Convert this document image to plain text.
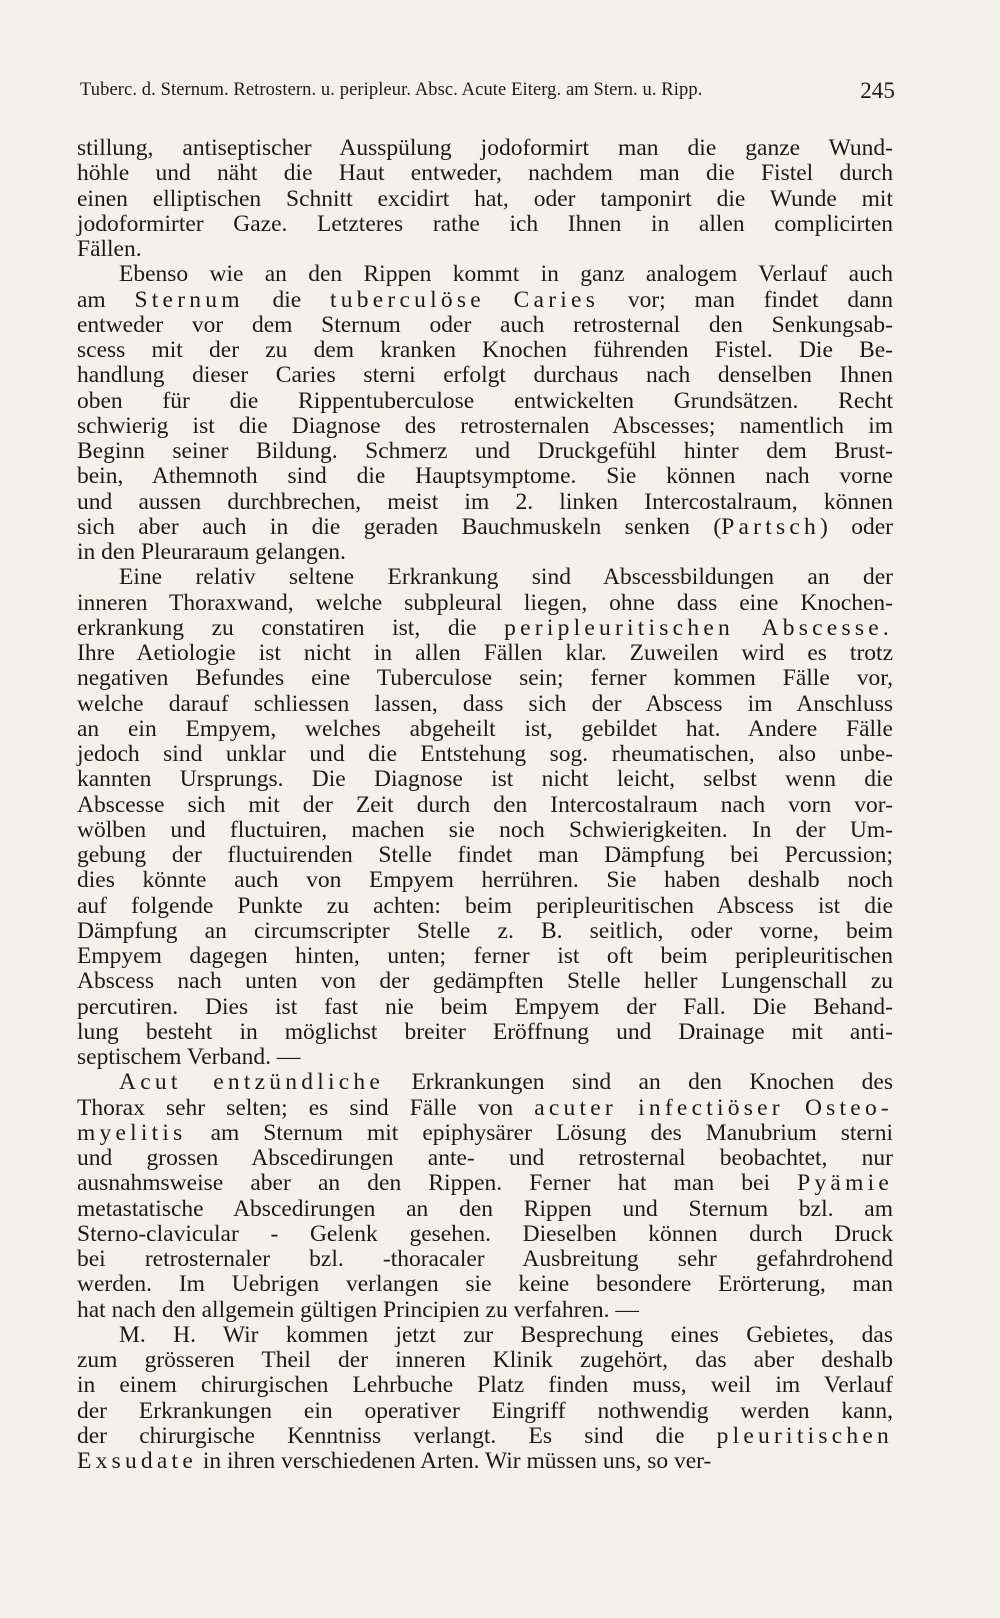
Tuberc. d. Sternum. Retrostern. u. peripleur. Absc. Acute Eiterg. am Stern. u. Ripp.	245
stillung, antiseptischer Ausspülung jodoformirt man die ganze Wund-
höhle und näht die Haut entweder, nachdem man die Fistel durch
einen elliptischen Schnitt excidirt hat, oder tamponirt die Wunde mit
jodoformirter Gaze. Letzteres rathe ich Ihnen in allen complicirten
Fällen.
Ebenso wie an den Rippen kommt in ganz analogem Verlauf auch
am Sternum die tuberculöse Caries vor; man findet dann
entweder vor dem Sternum oder auch retrosternal den Senkungsab-
scess mit der zu dem kranken Knochen führenden Fistel. Die Be-
handlung dieser Caries sterni erfolgt durchaus nach denselben Ihnen
oben für die Rippentuberculose entwickelten Grundsätzen. Recht
schwierig ist die Diagnose des retrosternalen Abscesses; namentlich im
Beginn seiner Bildung. Schmerz und Druckgefühl hinter dem Brust-
bein, Athemnoth sind die Hauptsymptome. Sie können nach vorne
und aussen durchbrechen, meist im 2. linken Intercostalraum, können
sich aber auch in die geraden Bauchmuskeln senken (Partsch) oder
in den Pleuraraum gelangen.
Eine relativ seltene Erkrankung sind Abscessbildungen an der
inneren Thoraxwand, welche subpleural liegen, ohne dass eine Knochen-
erkrankung zu constatiren ist, die peripleuritischen Abscesse.
Ihre Aetiologie ist nicht in allen Fällen klar. Zuweilen wird es trotz
negativen Befundes eine Tuberculose sein; ferner kommen Fälle vor,
welche darauf schliessen lassen, dass sich der Abscess im Anschluss
an ein Empyem, welches abgeheilt ist, gebildet hat. Andere Fälle
jedoch sind unklar und die Entstehung sog. rheumatischen, also unbe-
kannten Ursprungs. Die Diagnose ist nicht leicht, selbst wenn die
Abscesse sich mit der Zeit durch den Intercostalraum nach vorn vor-
wölben und fluctuiren, machen sie noch Schwierigkeiten. In der Um-
gebung der fluctuirenden Stelle findet man Dämpfung bei Percussion;
dies könnte auch von Empyem herrühren. Sie haben deshalb noch
auf folgende Punkte zu achten: beim peripleuritischen Abscess ist die
Dämpfung an circumscripter Stelle z. B. seitlich, oder vorne, beim
Empyem dagegen hinten, unten; ferner ist oft beim peripleuritischen
Abscess nach unten von der gedämpften Stelle heller Lungenschall zu
percutiren. Dies ist fast nie beim Empyem der Fall. Die Behand-
lung besteht in möglichst breiter Eröffnung und Drainage mit anti-
septischem Verband. —
Acut entzündliche Erkrankungen sind an den Knochen des
Thorax sehr selten; es sind Fälle von acuter infectiöser Osteo-
myelitis am Sternum mit epiphysärer Lösung des Manubrium sterni
und grossen Abscedirungen ante- und retrosternal beobachtet, nur
ausnahmsweise aber an den Rippen. Ferner hat man bei Pyämie
metastatische Abscedirungen an den Rippen und Sternum bzl. am
Sterno-clavicular - Gelenk gesehen. Dieselben können durch Druck
bei retrosternaler bzl. -thoracaler Ausbreitung sehr gefahrdrohend
werden. Im Uebrigen verlangen sie keine besondere Erörterung, man
hat nach den allgemein gültigen Principien zu verfahren. —
M. H. Wir kommen jetzt zur Besprechung eines Gebietes, das
zum grösseren Theil der inneren Klinik zugehört, das aber deshalb
in einem chirurgischen Lehrbuche Platz finden muss, weil im Verlauf
der Erkrankungen ein operativer Eingriff nothwendig werden kann,
der chirurgische Kenntniss verlangt. Es sind die pleuritischen
Exsudate in ihren verschiedenen Arten. Wir müssen uns, so ver-
